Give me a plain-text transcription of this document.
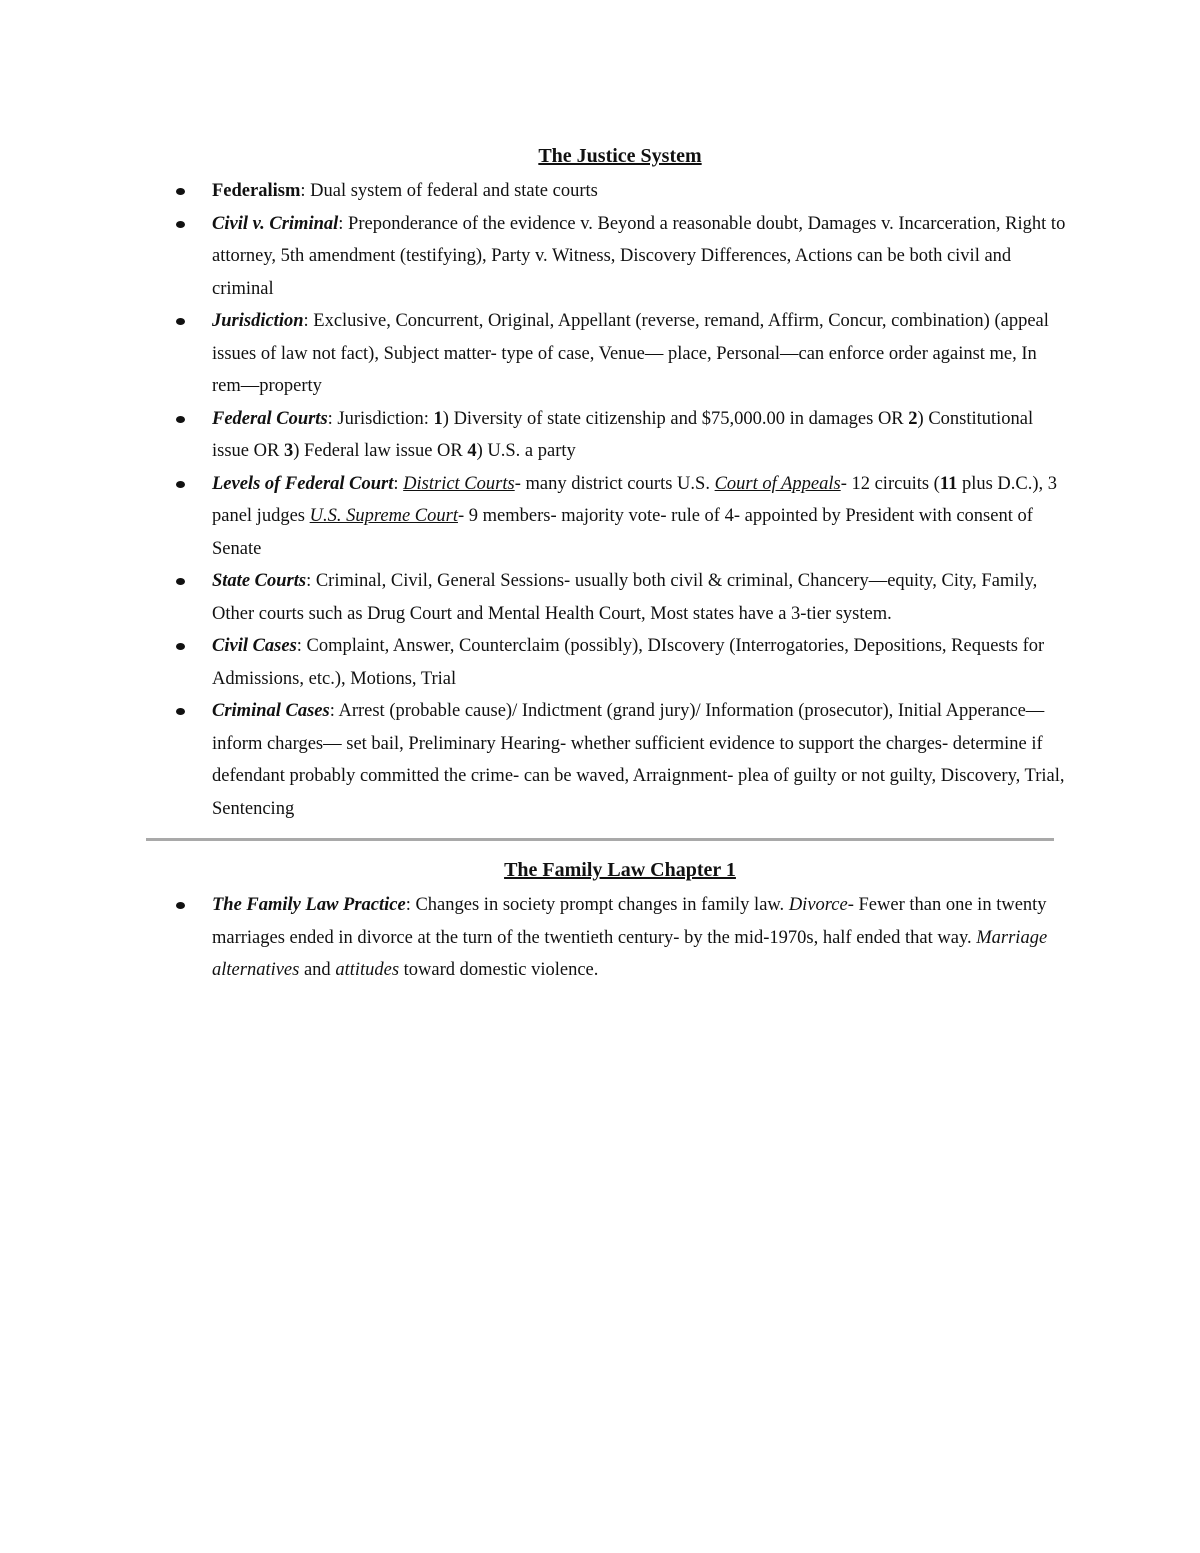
The Justice System
Federalism: Dual system of federal and state courts
Civil v. Criminal: Preponderance of the evidence v. Beyond a reasonable doubt, Damages v. Incarceration, Right to attorney, 5th amendment (testifying), Party v. Witness, Discovery Differences, Actions can be both civil and criminal
Jurisdiction: Exclusive, Concurrent, Original, Appellant (reverse, remand, Affirm, Concur, combination) (appeal issues of law not fact), Subject matter- type of case, Venue— place, Personal—can enforce order against me, In rem—property
Federal Courts: Jurisdiction: 1) Diversity of state citizenship and $75,000.00 in damages OR 2) Constitutional issue OR 3) Federal law issue OR 4) U.S. a party
Levels of Federal Court: District Courts- many district courts U.S. Court of Appeals- 12 circuits (11 plus D.C.), 3 panel judges U.S. Supreme Court- 9 members- majority vote- rule of 4- appointed by President with consent of Senate
State Courts: Criminal, Civil, General Sessions- usually both civil & criminal, Chancery—equity, City, Family, Other courts such as Drug Court and Mental Health Court, Most states have a 3-tier system.
Civil Cases: Complaint, Answer, Counterclaim (possibly), DIscovery (Interrogatories, Depositions, Requests for Admissions, etc.), Motions, Trial
Criminal Cases: Arrest (probable cause)/ Indictment (grand jury)/ Information (prosecutor), Initial Apperance—inform charges— set bail, Preliminary Hearing- whether sufficient evidence to support the charges- determine if defendant probably committed the crime- can be waved, Arraignment- plea of guilty or not guilty, Discovery, Trial, Sentencing
The Family Law Chapter 1
The Family Law Practice: Changes in society prompt changes in family law. Divorce- Fewer than one in twenty marriages ended in divorce at the turn of the twentieth century- by the mid-1970s, half ended that way. Marriage alternatives and attitudes toward domestic violence.
